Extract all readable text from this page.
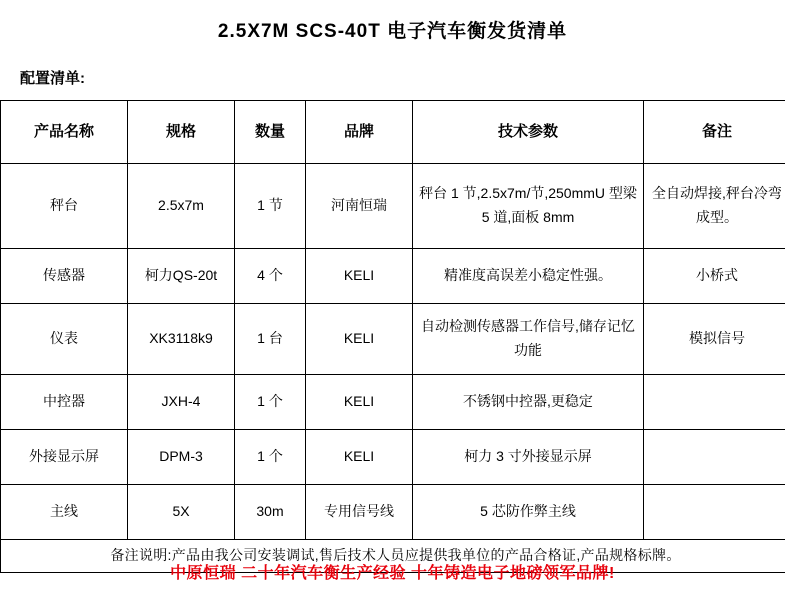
2.5X7M SCS-40T 电子汽车衡发货清单
配置清单:
产品名称	规格	数量	品牌	技术参数	备注
秤台	2.5x7m	1 节	河南恒瑞	秤台 1 节,2.5x7m/节,250mmU 型梁 5 道,面板 8mm	全自动焊接,秤台冷弯成型。
传感器	柯力QS-20t	4 个	KELI	精准度高误差小稳定性强。	小桥式
仪表	XK3118k9	1 台	KELI	自动检测传感器工作信号,储存记忆功能	模拟信号
中控器	JXH-4	1 个	KELI	不锈钢中控器,更稳定	
外接显示屏	DPM-3	1 个	KELI	柯力 3 寸外接显示屏	
主线	5X	30m	专用信号线	5 芯防作弊主线	
备注说明:产品由我公司安装调试,售后技术人员应提供我单位的产品合格证,产品规格标牌。					
中原恒瑞 二十年汽车衡生产经验 十年铸造电子地磅领军品牌!
